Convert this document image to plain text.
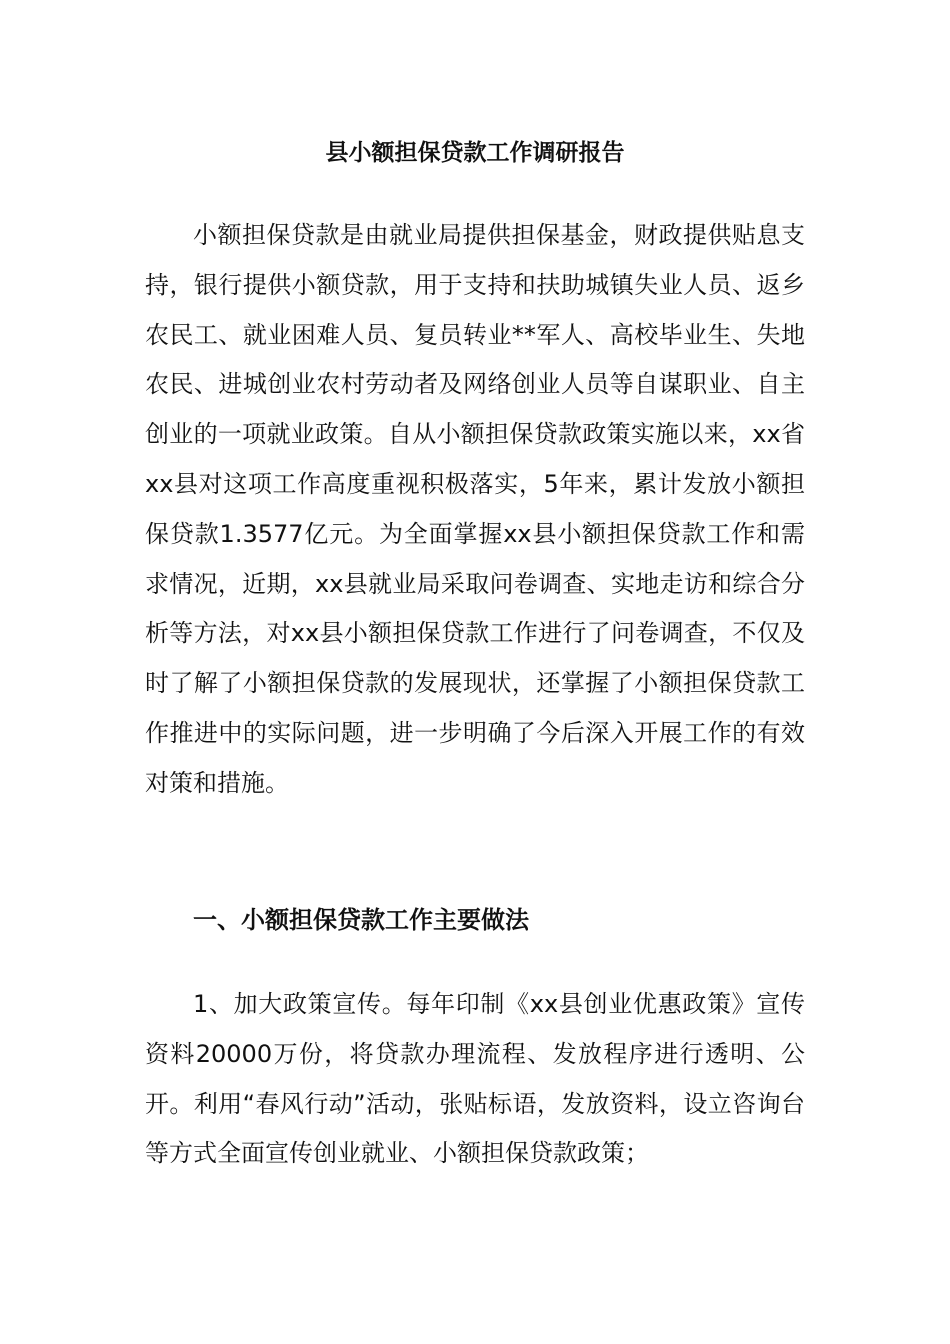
县小额担保贷款工作调研报告

小额担保贷款是由就业局提供担保基金，财政提供贴息支持，银行提供小额贷款，用于支持和扶助城镇失业人员、返乡农民工、就业困难人员、复员转业**军人、高校毕业生、失地农民、进城创业农村劳动者及网络创业人员等自谋职业、自主创业的一项就业政策。自从小额担保贷款政策实施以来，xx省xx县对这项工作高度重视积极落实，5年来，累计发放小额担保贷款1.3577亿元。为全面掌握xx县小额担保贷款工作和需求情况，近期，xx县就业局采取问卷调查、实地走访和综合分析等方法，对xx县小额担保贷款工作进行了问卷调查，不仅及时了解了小额担保贷款的发展现状，还掌握了小额担保贷款工作推进中的实际问题，进一步明确了今后深入开展工作的有效对策和措施。

一、小额担保贷款工作主要做法

1、加大政策宣传。每年印制《xx县创业优惠政策》宣传资料20000万份，将贷款办理流程、发放程序进行透明、公开。利用“春风行动”活动，张贴标语，发放资料，设立咨询台等方式全面宣传创业就业、小额担保贷款政策；
